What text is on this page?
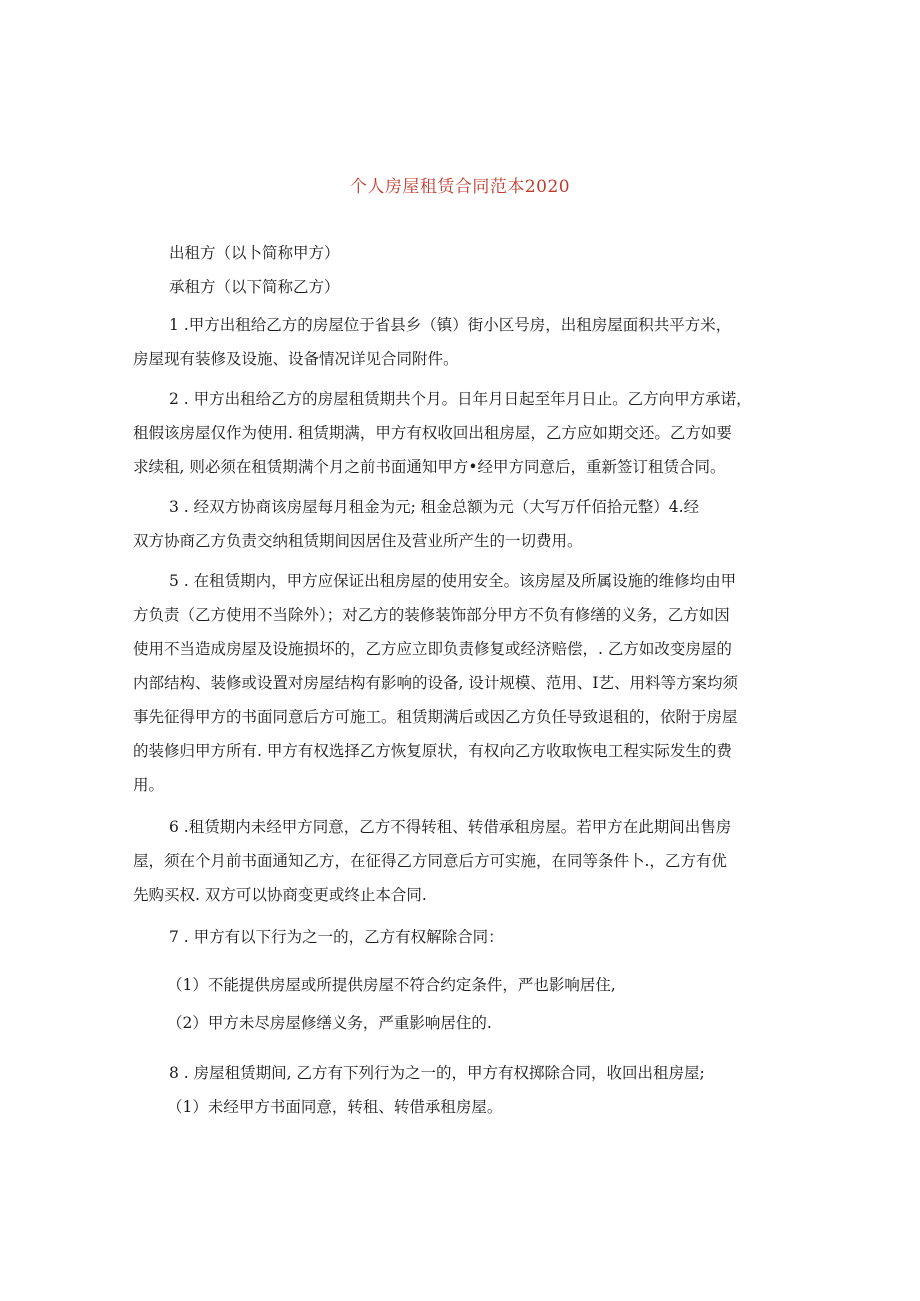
个人房屋租赁合同范本2020
出租方（以卜简称甲方）
承租方（以下简称乙方）
1 .甲方出租给乙方的房屋位于省县乡（镇）街小区号房，出租房屋面积共平方米，
房屋现有装修及设施、设备情况详见合同附件。
2 . 甲方出租给乙方的房屋租赁期共个月。日年月日起至年月日止。乙方向甲方承诺，
租假该房屋仅作为使用. 租赁期满，甲方有权收回出租房屋，乙方应如期交还。乙方如要
求续租, 则必须在租赁期满个月之前书面通知甲方•经甲方同意后，重新签订租赁合同。
3 . 经双方协商该房屋每月租金为元; 租金总额为元（大写万仟佰拾元整）4.经
双方协商乙方负责交纳租赁期间因居住及营业所产生的一切费用。
5 . 在租赁期内，甲方应保证出租房屋的使用安全。该房屋及所属设施的维修均由甲
方负责（乙方使用不当除外）；对乙方的装修装饰部分甲方不负有修缮的义务，乙方如因
使用不当造成房屋及设施损坏的，乙方应立即负责修复或经济赔偿，. 乙方如改变房屋的
内部结构、装修或设置对房屋结构有影响的设备, 设计规模、范用、I艺、用料等方案均须
事先征得甲方的书面同意后方可施工。租赁期满后或因乙方负任导致退租的，依附于房屋
的装修归甲方所有. 甲方有权选择乙方恢复原状，有权向乙方收取恢电工程实际发生的费
用。
6 .租赁期内未经甲方同意，乙方不得转租、转借承租房屋。若甲方在此期间出售房
屋，须在个月前书面通知乙方，在征得乙方同意后方可实施，在同等条件卜.，乙方有优
先购买权. 双方可以协商变更或终止本合同.
7 . 甲方有以下行为之一的，乙方有权解除合同：
（1）不能提供房屋或所提供房屋不符合约定条件，严也影响居住,
（2）甲方未尽房屋修缮义务，严重影响居住的.
8 . 房屋租赁期间, 乙方有下列行为之一的，甲方有权掷除合同，收回出租房屋;
（1）未经甲方书面同意，转租、转借承租房屋。
